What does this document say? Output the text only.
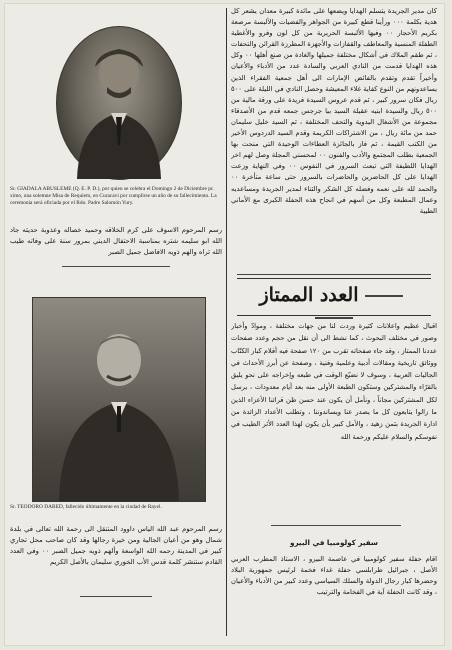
كان مدير الجريدة يتسلم الهدايا ويضعها على مائدة كبيرة معدان يشعر كل هدية بكلمة ٠٠٠ ورأينا قطع كبيرة من الجواهر والفضيات والألبسة مرصعة بكريم الأحجار ٠٠ وفيها الألبسة الحريرية من كل لون وفرو والأغطية الطفلة المنسية والمعاطف والقفازات والأجهزة المطرزة القرائن والتحفات ، ثم طقم الملاك في أشكال مختلفة جميلها والغادة من صنع أهلها ٠٠ وكل هذه الهدايا قدمت من النادي العربي والسادة عدد من الأدباء والأعيان وأخيراً تقدم وتقدم بالفائض الإمارات الى أهل جمعية الفقراء الذين يساعدونهم من النوع كفاية غلاء المعيشة وحصل النادي في الليلة على ٥٠٠ ريال فكان سرور كبير ، ثم قدم عروس السيدة فريدة على ورقة مالية من ٥٠٠ ريال والسيدة ابنيه عقيلة السيد بيا جرجس جمعه قدم من الأصدقاء مجموعة من الأشغال اليدوية والتحف المختلفة ، ثم السيد خليل سليمان حمد من مائة ريال ، من الاشتراكات الكريمة وقدم السيد الدردوس الأخير من الكتب القيمة ، ثم فاز بالجائزة العطاءات الوحيدة التي منحت بها الجمعية بطلب المجتمع والأدب والفنون ٠٠ لمحسني المجلة وصل لهم اخر الهدايا اللطيفة التي تبعث السرور في النفوس ٠٠ وفي النهاية وزعت الهدايا على كل الحاضرين والحاضرات بالسرور حتى ساعة متأخرة ٠٠ والحمد لله على نعمه وفضله كل الشكر والثناء لمدير الجريدة ومساعديه وعمال المطبعة وكل من أسهم في انجاح هذه الحفلة الكبرى مع الأماني الطيبة

العدد الممتاز

اقبال عظيم واعلانات كثيرة وردت لنا من جهات مختلفة ، وموادّ وأخبار وصور في مختلف البحوث ، كما نشط الى أن نقل من حجم وعدد صفحات عددنا الممتاز ، وقد جاء صفحاته تقرب من ١٢٠ صفحة فيه أقلام كبار الكتّاب ووثائق تاريخية ومقالات أدبية وعلمية وفنية ، وصفحة عن أبرز الأحداث في الجاليات العربية ، وسوف لا نضيّع الوقت في طبعه وإخراجه على نحو يليق بالقرّاء والمشتركين وستكون الطبعة الأولى منه بعد أيام معدودات ، يرسل لكل المشتركين مجاناً ، ونأمل أن يكون عند حسن ظن قرائنا الأعزاء الذين ما زالوا يتابعون كل ما يصدر عنا ويساندوننا ، وتطلب الأعداد الزائدة من ادارة الجريدة بثمن زهيد ، والأمل كبير بأن يكون لهذا العدد الأثر الطيب في نفوسكم والسلام عليكم ورحمة الله

سفير كولومبيا في البيرو

اقام حفلة سفير كولومبيا في عاصمة البيرو ، الاستاذ المطرب العربي الأصل ، جبرائيل طرابلسي حفلة غداء فخمة لرئيس جمهورية البلاد وحضرها كبار رجال الدولة والسلك السياسي وعدد كبير من الأدباء والأعيان ، وقد كانت الحفلة آية في الفخامة والترتيب

Sr. GIADALA ABUSLEME (Q. E. P. D.), por quien se celebra el Domingo 2 de Diciembre pr. ximo, una solemne Misa de Requiem, en Curacavi por cumplirse un año de su fallecimiento. La ceremonia será oficiada por el Rdo. Padre Salomón Yury.

رسم المرحوم الاسوف على كرم الخلاقه وحميد خصاله وعذوبة حديثه جاد الله ابو سليمه شتره بمناسبة الاحتفال الديني بمرور سنة على وفاته طيب الله ثراه والهم ذويه الافاضل جميل الصبر

Sr. TEODORO DABED, fallecido últimamente en la ciudad de Rayel.

رسم المرحوم عبد الله الياس داوود المتنقل الى رحمة الله تعالى في بلدة شمال وهو من أعيان الجالية ومن خيرة رجالها وقد كان صاحب محل تجاري كبير في المدينة رحمه الله الواسعة وألهم ذويه جميل الصبر ٠٠ وفي العدد القادم ستنشر كلمة قدس الأب الخوري سليمان بالأصل الكريم
